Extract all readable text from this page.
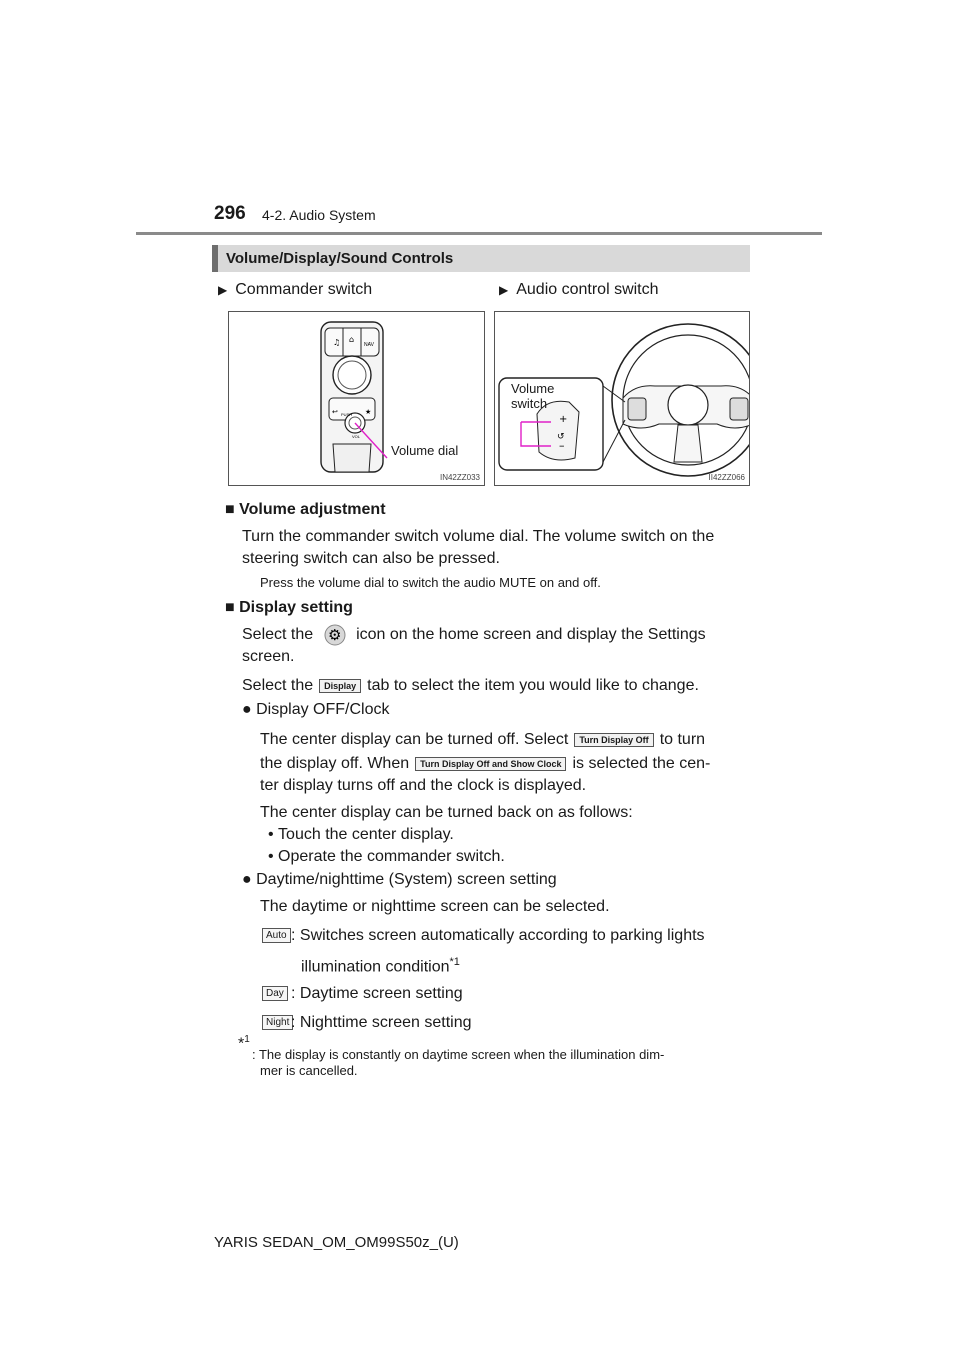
296 4-2. Audio System
Volume/Display/Sound Controls
▶ Commander switch	▶ Audio control switch
♫ ⌂
NAV
↩	★
PUSH
VOL
Volume dial
IN42ZZ033
+
↺
–
Volume
switch
II42ZZ066
■ Volume adjustment
Turn the commander switch volume dial. The volume switch on the
steering switch can also be pressed.
Press the volume dial to switch the audio MUTE on and off.
■ Display setting
Select the ⚙ icon on the home screen and display the Settings
screen.
Select the Display tab to select the item you would like to change.
● Display OFF/Clock
The center display can be turned off. Select Turn Display Off to turn
the display off. When Turn Display Off and Show Clock is selected the cen-
ter display turns off and the clock is displayed.
The center display can be turned back on as follows:
• Touch the center display.
• Operate the commander switch.
● Daytime/nighttime (System) screen setting
The daytime or nighttime screen can be selected.
Auto : Switches screen automatically according to parking lights
illumination condition$^{*1}$
Day : Daytime screen setting
Night : Nighttime screen setting
*$^1$
: The display is constantly on daytime screen when the illumination dim-
mer is cancelled.
YARIS SEDAN_OM_OM99S50z_(U)
